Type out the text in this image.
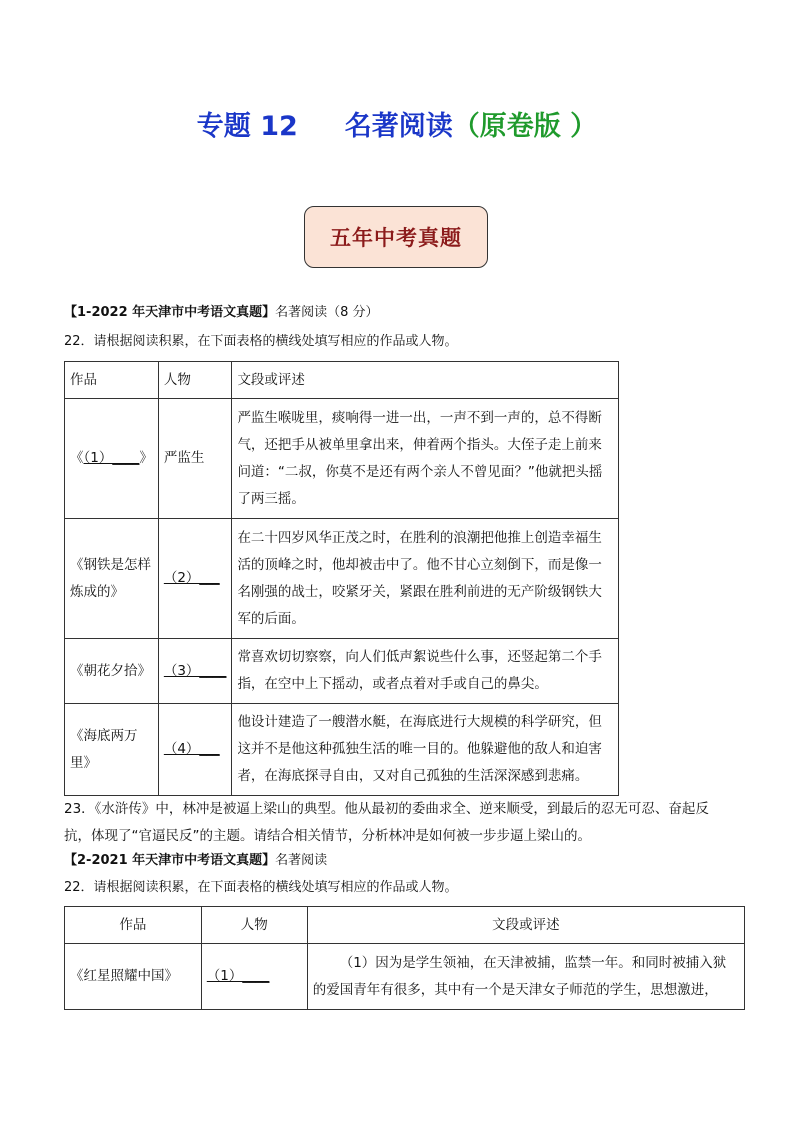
专题 12 名著阅读（原卷版 ）
五年中考真题
【1-2022 年天津市中考语文真题】名著阅读（8 分）
22．请根据阅读积累，在下面表格的横线处填写相应的作品或人物。
作品	人物	文段或评述
《（1）____》	严监生	严监生喉咙里，痰响得一进一出，一声不到一声的，总不得断气，还把手从被单里拿出来，伸着两个指头。大侄子走上前来问道：“二叔，你莫不是还有两个亲人不曾见面？”他就把头摇了两三摇。
《钢铁是怎样炼成的》	（2）___	在二十四岁风华正茂之时，在胜利的浪潮把他推上创造幸福生活的顶峰之时，他却被击中了。他不甘心立刻倒下，而是像一名刚强的战士，咬紧牙关，紧跟在胜利前进的无产阶级钢铁大军的后面。
《朝花夕拾》	（3）____	常喜欢切切察察，向人们低声絮说些什么事，还竖起第二个手指，在空中上下摇动，或者点着对手或自己的鼻尖。
《海底两万里》	（4）___	他设计建造了一艘潜水艇，在海底进行大规模的科学研究，但这并不是他这种孤独生活的唯一目的。他躲避他的敌人和迫害者，在海底探寻自由，又对自己孤独的生活深深感到悲痛。
23．《水浒传》中，林冲是被逼上梁山的典型。他从最初的委曲求全、逆来顺受，到最后的忍无可忍、奋起反抗，体现了“官逼民反”的主题。请结合相关情节，分析林冲是如何被一步步逼上梁山的。
【2-2021 年天津市中考语文真题】名著阅读
22．请根据阅读积累，在下面表格的横线处填写相应的作品或人物。
作品	人物	文段或评述
《红星照耀中国》	（1）____	（1）因为是学生领袖，在天津被捕，监禁一年。和同时被捕入狱的爱国青年有很多，其中有一个是天津女子师范的学生，思想激进，
